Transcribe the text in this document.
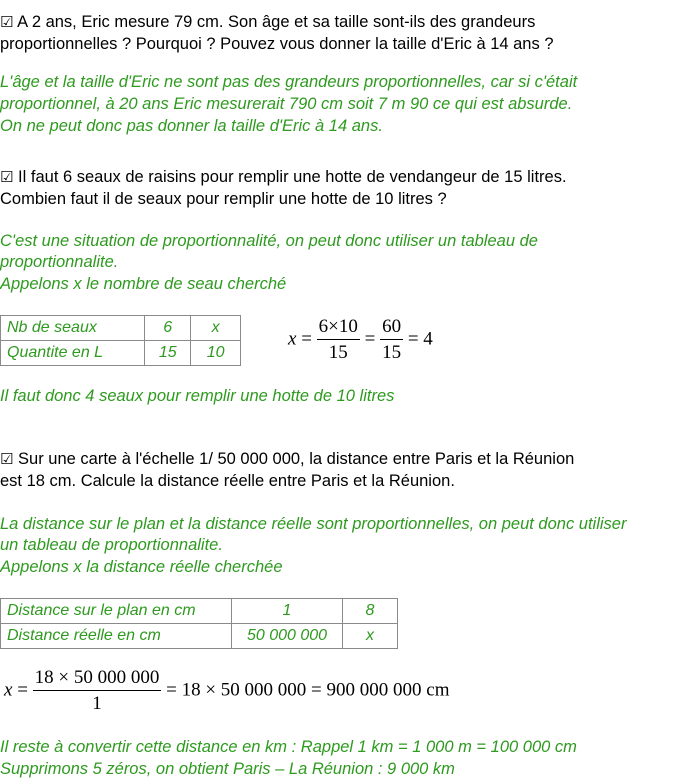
☑ A 2 ans, Eric mesure 79 cm. Son âge et sa taille sont-ils des grandeurs
proportionnelles ? Pourquoi ? Pouvez vous donner la taille d'Eric à 14 ans ?
L'âge et la taille d'Eric ne sont pas des grandeurs proportionnelles, car si c'était
proportionnel, à 20 ans Eric mesurerait 790 cm soit 7 m 90 ce qui est absurde.
On ne peut donc pas donner la taille d'Eric à 14 ans.
☑ Il faut 6 seaux de raisins pour remplir une hotte de vendangeur de 15 litres.
Combien faut il de seaux pour remplir une hotte de 10 litres ?
C'est une situation de proportionnalité, on peut donc utiliser un tableau de
proportionnalite.
Appelons x le nombre de seau cherché
Nb de seaux	6	x
Quantite en L	15	10
$x = \frac{6\times 10}{15} = \frac{60}{15} = 4$
Il faut donc 4 seaux pour remplir une hotte de 10 litres
☑ Sur une carte à l'échelle 1/ 50 000 000, la distance entre Paris et la Réunion
est 18 cm. Calcule la distance réelle entre Paris et la Réunion.
La distance sur le plan et la distance réelle sont proportionnelles, on peut donc utiliser
un tableau de proportionnalite.
Appelons x la distance réelle cherchée
Distance sur le plan en cm	1	8
Distance réelle en cm	50 000 000	x
$x = \frac{18 \times 50 000 000}{1} = 18 \times 50$ 000 000 = 900 000 000 cm
Il reste à convertir cette distance en km : Rappel 1 km = 1 000 m = 100 000 cm
Supprimons 5 zéros, on obtient Paris – La Réunion : 9 000 km
